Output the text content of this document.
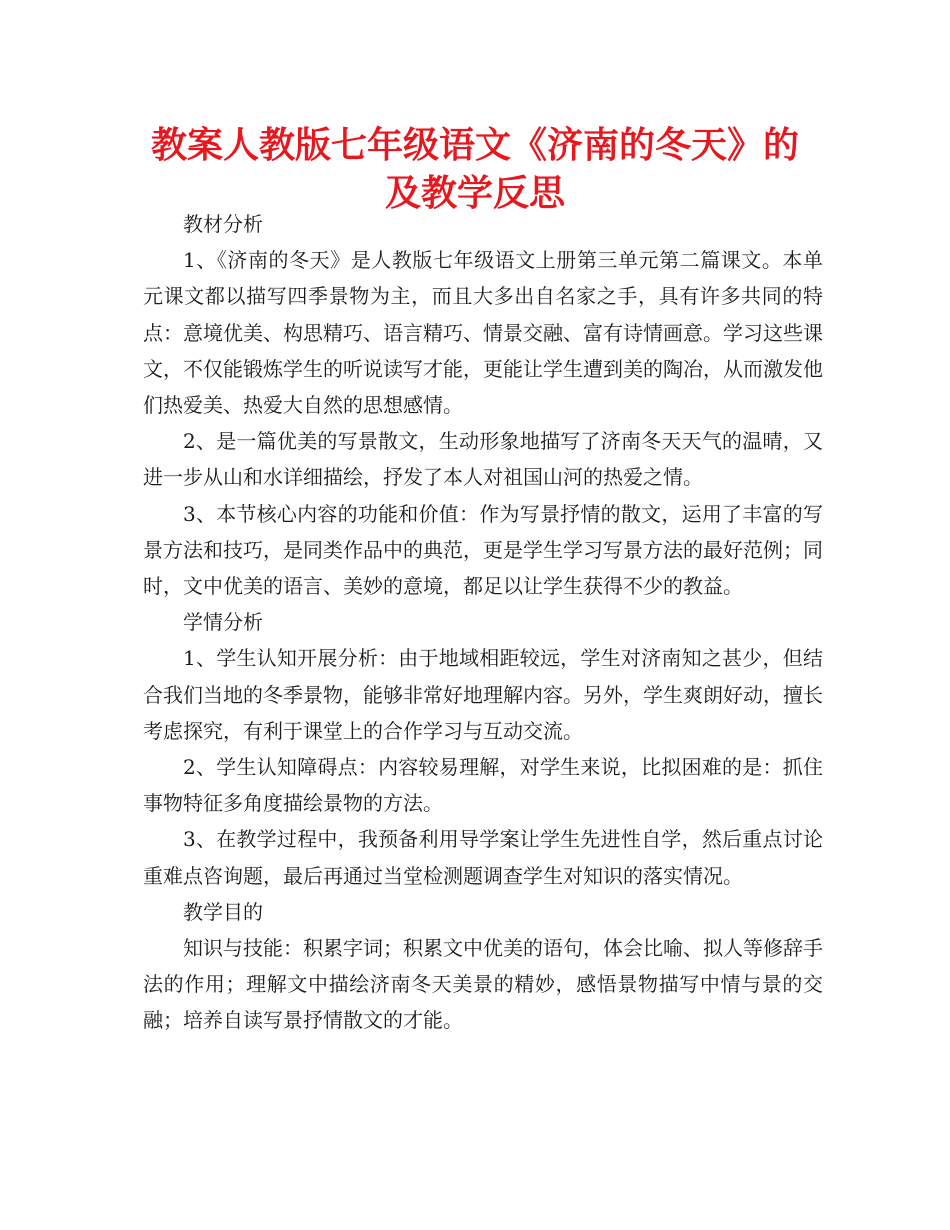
教案人教版七年级语文《济南的冬天》的
及教学反思

教材分析

1、《济南的冬天》是人教版七年级语文上册第三单元第二篇课文。本单元课文都以描写四季景物为主，而且大多出自名家之手，具有许多共同的特点：意境优美、构思精巧、语言精巧、情景交融、富有诗情画意。学习这些课文，不仅能锻炼学生的听说读写才能，更能让学生遭到美的陶冶，从而激发他们热爱美、热爱大自然的思想感情。

2、是一篇优美的写景散文，生动形象地描写了济南冬天天气的温晴，又进一步从山和水详细描绘，抒发了本人对祖国山河的热爱之情。

3、本节核心内容的功能和价值：作为写景抒情的散文，运用了丰富的写景方法和技巧，是同类作品中的典范，更是学生学习写景方法的最好范例；同时，文中优美的语言、美妙的意境，都足以让学生获得不少的教益。

学情分析

1、学生认知开展分析：由于地域相距较远，学生对济南知之甚少，但结合我们当地的冬季景物，能够非常好地理解内容。另外，学生爽朗好动，擅长考虑探究，有利于课堂上的合作学习与互动交流。

2、学生认知障碍点：内容较易理解，对学生来说，比拟困难的是：抓住事物特征多角度描绘景物的方法。

3、在教学过程中，我预备利用导学案让学生先进性自学，然后重点讨论重难点咨询题，最后再通过当堂检测题调查学生对知识的落实情况。

教学目的

知识与技能：积累字词；积累文中优美的语句，体会比喻、拟人等修辞手法的作用；理解文中描绘济南冬天美景的精妙，感悟景物描写中情与景的交融；培养自读写景抒情散文的才能。
